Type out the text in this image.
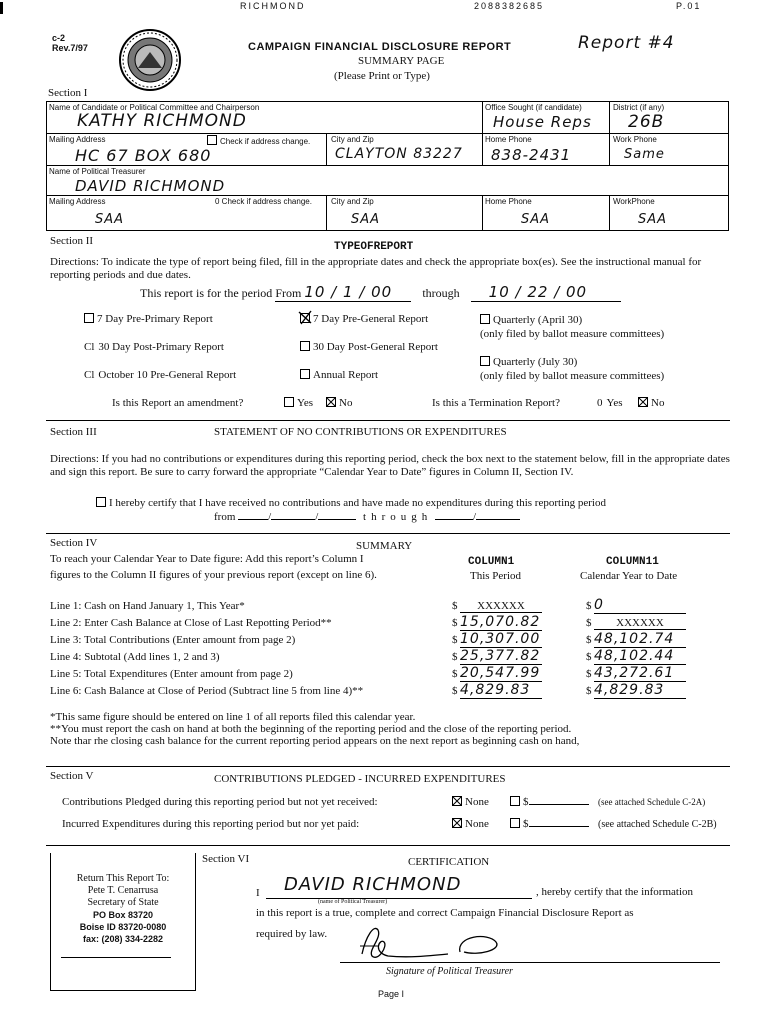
RICHMOND	2088382685	P.01
c-2
Rev.7/97	CAMPAIGN FINANCIAL DISCLOSURE REPORT
SUMMARY PAGE
(Please Print or Type)
Report #4
Section I
Name of Candidate or Political Committee and Chairperson
KATHY RICHMOND
Office Sought (if candidate)
House Reps
District (if any)
26B
Mailing Address	Check if address change.
HC 67 BOX 680
City and Zip
CLAYTON 83227
Home Phone
838-2431
Work Phone
Same
Name of Political Treasurer
DAVID RICHMOND
Mailing Address	0 Check if address change.
SAA
City and Zip
SAA
Home Phone
SAA
WorkPhone
SAA
Section II	TYPEOFREPORT
Directions: To indicate the type of report being filed, fill in the appropriate dates and check the appropriate box(es). See the instructional manual for reporting periods and due dates.
This report is for the period From 10 / 1 / 00	through 10 / 22 / 00
7 Day Pre-Primary Report	7 Day Pre-General Report	Quarterly (April 30)
(only filed by ballot measure committees)
Cl 30 Day Post-Primary Report	30 Day Post-General Report
Quarterly (July 30)
(only filed by ballot measure committees)
Cl October 10 Pre-General Report	Annual Report
Is this Report an amendment?	Yes	No	Is this a Termination Report?	0 Yes	No
Section III	STATEMENT OF NO CONTRIBUTIONS OR EXPENDITURES
Directions: If you had no contributions or expenditures during this reporting period, check the box next to the statement below, fill in the appropriate dates and sign this report. Be sure to carry forward the appropriate “Calendar Year to Date” figures in Column II, Section IV.
I hereby certify that I have received no contributions and have made no expenditures during this reporting period
from	/	/	through	/
Section IV	SUMMARY
To reach your Calendar Year to Date figure: Add this report’s Column I
figures to the Column II figures of your previous report (except on line 6).
COLUMN1
This Period
COLUMN11
Calendar Year to Date
Line 1: Cash on Hand January 1, This Year*	$	XXXXXX	$ 0
Line 2: Enter Cash Balance at Close of Last Repotting Period**	$ 15,070.82	$	XXXXXX
Line 3: Total Contributions (Enter amount from page 2)	$ 10,307.00	$ 48,102.74
Line 4: Subtotal (Add lines 1, 2 and 3)	$ 25,377.82	$ 48,102.44
Line 5: Total Expenditures (Enter amount from page 2)	$ 20,547.99	$ 43,272.61
Line 6: Cash Balance at Close of Period (Subtract line 5 from line 4)**	$ 4,829.83	$ 4,829.83
*This same figure should be entered on line 1 of all reports filed this calendar year.
**You must report the cash on hand at both the beginning of the reporting period and the close of the reporting period.
Note thar rhe closing cash balance for the current reporting period appears on the next report as beginning cash on hand,
Section V	CONTRIBUTIONS PLEDGED - INCURRED EXPENDITURES
Contributions Pledged during this reporting period but not yet received:	None	$	(see attached Schedule C-2A)
Incurred Expenditures during this reporting period but nor yet paid:	None	$	(see attached Schedule C-2B)
Return This Report To:
Pete T. Cenarrusa
Secretary of State
PO Box 83720
Boise ID 83720-0080
fax: (208) 334-2282
Section VI	CERTIFICATION
I DAVID RICHMOND
(name of Political Treasurer)
, hereby certify that the information
in this report is a true, complete and correct Campaign Financial Disclosure Report as
required by law.
Signature of Political Treasurer
Page I
